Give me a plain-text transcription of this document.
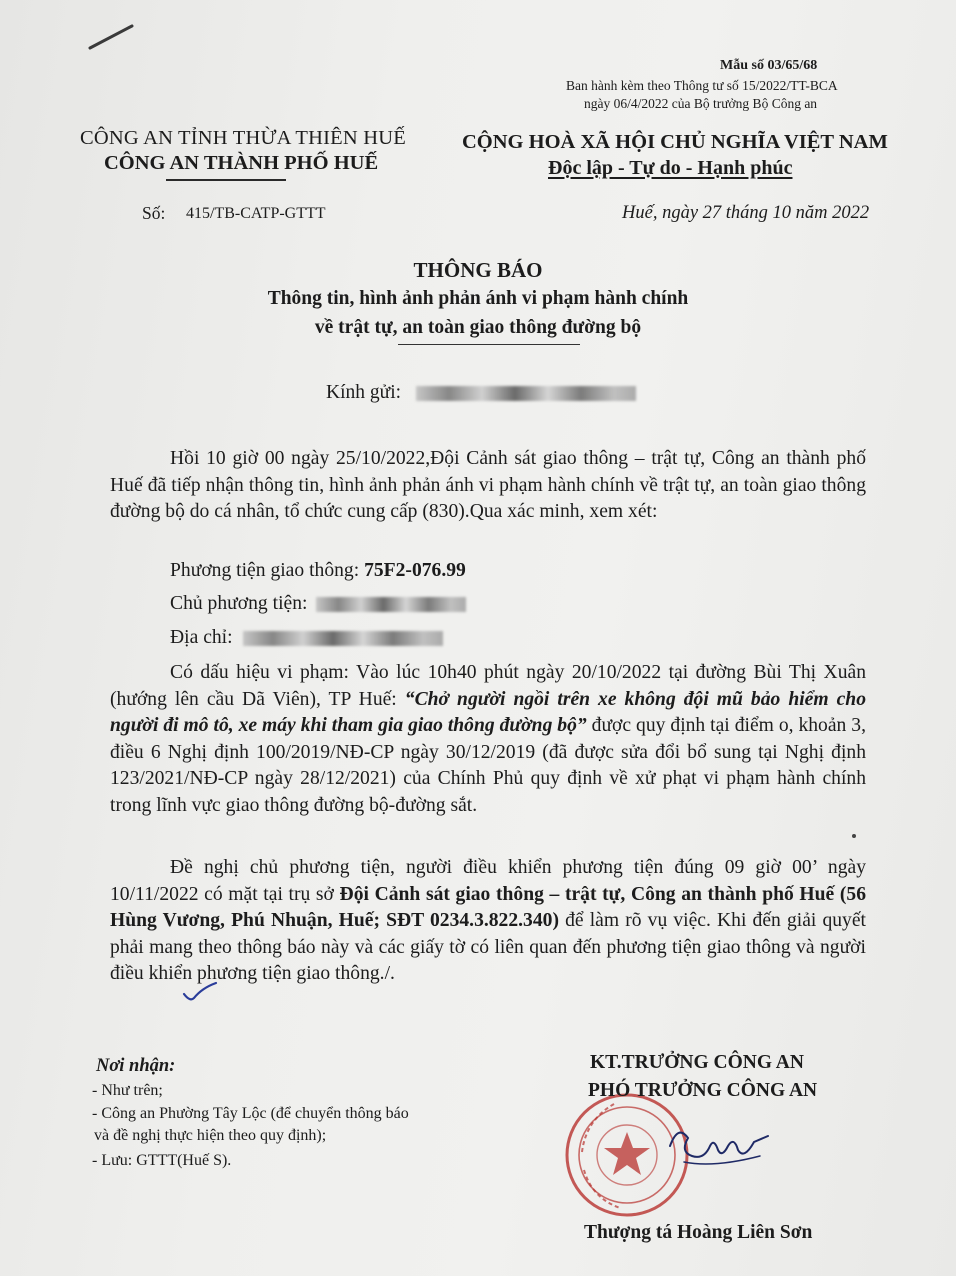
Mẫu số 03/65/68
Ban hành kèm theo Thông tư số 15/2022/TT-BCA
ngày 06/4/2022 của Bộ trưởng Bộ Công an
CÔNG AN TỈNH THỪA THIÊN HUẾ
CÔNG AN THÀNH PHỐ HUẾ
CỘNG HOÀ XÃ HỘI CHỦ NGHĨA VIỆT NAM
Độc lập - Tự do - Hạnh phúc
Số: 415/TB-CATP-GTTT	Huế, ngày 27 tháng 10 năm 2022
THÔNG BÁO
Thông tin, hình ảnh phản ánh vi phạm hành chính
về trật tự, an toàn giao thông đường bộ
Kính gửi:
Hồi 10 giờ 00 ngày 25/10/2022,Đội Cảnh sát giao thông – trật tự, Công an thành phố Huế đã tiếp nhận thông tin, hình ảnh phản ánh vi phạm hành chính về trật tự, an toàn giao thông đường bộ do cá nhân, tổ chức cung cấp (830).Qua xác minh, xem xét:
Phương tiện giao thông: 75F2-076.99
Chủ phương tiện:
Địa chỉ:
Có dấu hiệu vi phạm: Vào lúc 10h40 phút ngày 20/10/2022 tại đường Bùi Thị Xuân (hướng lên cầu Dã Viên), TP Huế: “Chở người ngồi trên xe không đội mũ bảo hiểm cho người đi mô tô, xe máy khi tham gia giao thông đường bộ” được quy định tại điểm o, khoản 3, điều 6 Nghị định 100/2019/NĐ-CP ngày 30/12/2019 (đã được sửa đổi bổ sung tại Nghị định 123/2021/NĐ-CP ngày 28/12/2021) của Chính Phủ quy định về xử phạt vi phạm hành chính trong lĩnh vực giao thông đường bộ-đường sắt.
Đề nghị chủ phương tiện, người điều khiển phương tiện đúng 09 giờ 00’ ngày 10/11/2022 có mặt tại trụ sở Đội Cảnh sát giao thông – trật tự, Công an thành phố Huế (56 Hùng Vương, Phú Nhuận, Huế; SĐT 0234.3.822.340) để làm rõ vụ việc. Khi đến giải quyết phải mang theo thông báo này và các giấy tờ có liên quan đến phương tiện giao thông và người điều khiển phương tiện giao thông./.
Nơi nhận:
- Như trên;
- Công an Phường Tây Lộc (để chuyển thông báo
và đề nghị thực hiện theo quy định);
- Lưu: GTTT(Huế S).
KT.TRƯỞNG CÔNG AN
PHÓ TRƯỞNG CÔNG AN
Thượng tá Hoàng Liên Sơn
